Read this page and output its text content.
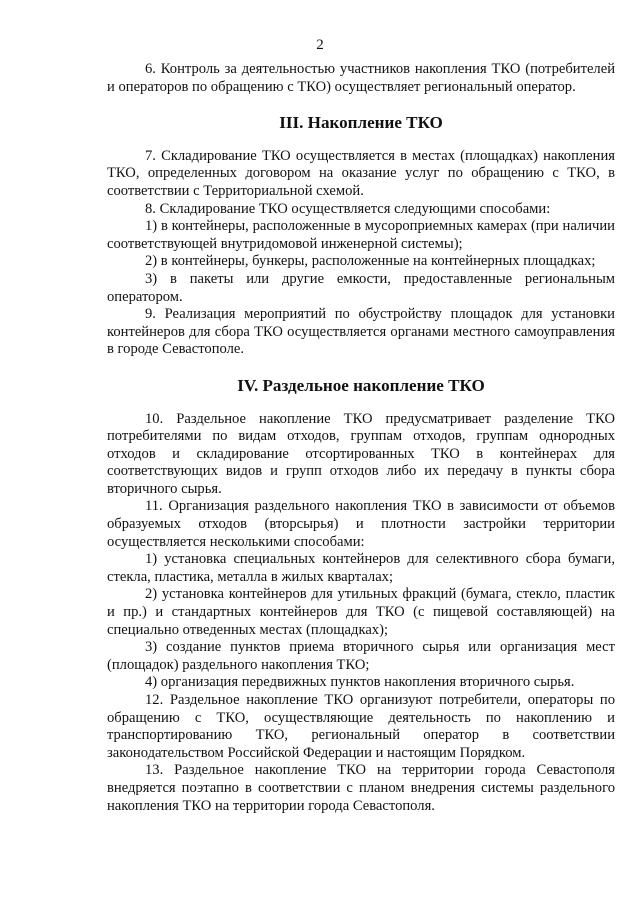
2

6. Контроль за деятельностью участников накопления ТКО (потребителей и операторов по обращению с ТКО) осуществляет региональный оператор.

III. Накопление ТКО

7. Складирование ТКО осуществляется в местах (площадках) накопления ТКО, определенных договором на оказание услуг по обращению с ТКО, в соответствии с Территориальной схемой.

8. Складирование ТКО осуществляется следующими способами:

1) в контейнеры, расположенные в мусороприемных камерах (при наличии соответствующей внутридомовой инженерной системы);

2) в контейнеры, бункеры, расположенные на контейнерных площадках;

3) в пакеты или другие емкости, предоставленные региональным оператором.

9. Реализация мероприятий по обустройству площадок для установки контейнеров для сбора ТКО осуществляется органами местного самоуправления в городе Севастополе.

IV. Раздельное накопление ТКО

10. Раздельное накопление ТКО предусматривает разделение ТКО потребителями по видам отходов, группам отходов, группам однородных отходов и складирование отсортированных ТКО в контейнерах для соответствующих видов и групп отходов либо их передачу в пункты сбора вторичного сырья.

11. Организация раздельного накопления ТКО в зависимости от объемов образуемых отходов (вторсырья) и плотности застройки территории осуществляется несколькими способами:

1) установка специальных контейнеров для селективного сбора бумаги, стекла, пластика, металла в жилых кварталах;

2) установка контейнеров для утильных фракций (бумага, стекло, пластик и пр.) и стандартных контейнеров для ТКО (с пищевой составляющей) на специально отведенных местах (площадках);

3) создание пунктов приема вторичного сырья или организация мест (площадок) раздельного накопления ТКО;

4) организация передвижных пунктов накопления вторичного сырья.

12. Раздельное накопление ТКО организуют потребители, операторы по обращению с ТКО, осуществляющие деятельность по накоплению и транспортированию ТКО, региональный оператор в соответствии законодательством Российской Федерации и настоящим Порядком.

13. Раздельное накопление ТКО на территории города Севастополя внедряется поэтапно в соответствии с планом внедрения системы раздельного накопления ТКО на территории города Севастополя.
